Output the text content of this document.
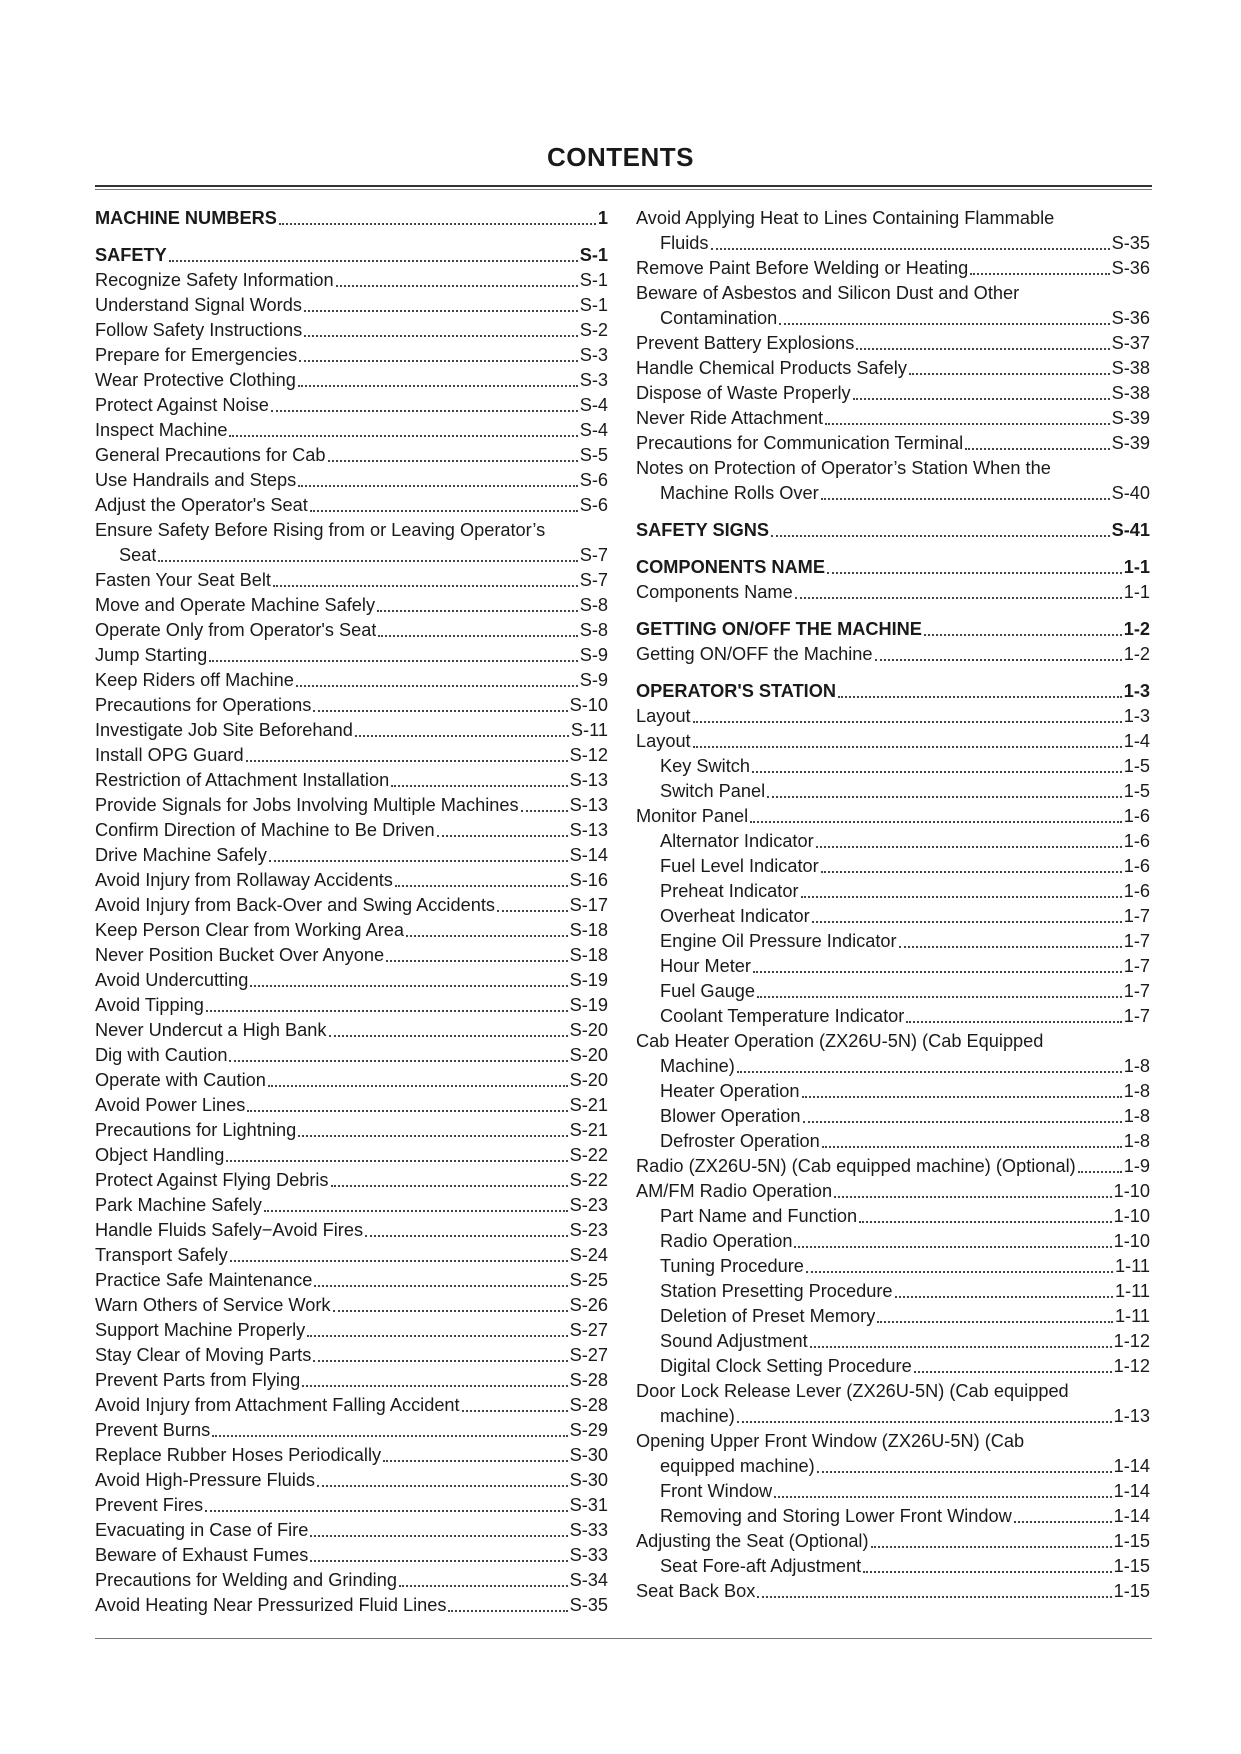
CONTENTS
MACHINE NUMBERS	1
SAFETY	S-1
Recognize Safety Information	S-1
Understand Signal Words	S-1
Follow Safety Instructions	S-2
Prepare for Emergencies	S-3
Wear Protective Clothing	S-3
Protect Against Noise	S-4
Inspect Machine	S-4
General Precautions for Cab	S-5
Use Handrails and Steps	S-6
Adjust the Operator's Seat	S-6
Ensure Safety Before Rising from or Leaving Operator’s
Seat	S-7
Fasten Your Seat Belt	S-7
Move and Operate Machine Safely	S-8
Operate Only from Operator's Seat	S-8
Jump Starting	S-9
Keep Riders off Machine	S-9
Precautions for Operations	S-10
Investigate Job Site Beforehand	S-11
Install OPG Guard	S-12
Restriction of Attachment Installation	S-13
Provide Signals for Jobs Involving Multiple Machines	S-13
Confirm Direction of Machine to Be Driven	S-13
Drive Machine Safely	S-14
Avoid Injury from Rollaway Accidents	S-16
Avoid Injury from Back-Over and Swing Accidents	S-17
Keep Person Clear from Working Area	S-18
Never Position Bucket Over Anyone	S-18
Avoid Undercutting	S-19
Avoid Tipping	S-19
Never Undercut a High Bank	S-20
Dig with Caution	S-20
Operate with Caution	S-20
Avoid Power Lines	S-21
Precautions for Lightning	S-21
Object Handling	S-22
Protect Against Flying Debris	S-22
Park Machine Safely	S-23
Handle Fluids Safely−Avoid Fires	S-23
Transport Safely	S-24
Practice Safe Maintenance	S-25
Warn Others of Service Work	S-26
Support Machine Properly	S-27
Stay Clear of Moving Parts	S-27
Prevent Parts from Flying	S-28
Avoid Injury from Attachment Falling Accident	S-28
Prevent Burns	S-29
Replace Rubber Hoses Periodically	S-30
Avoid High-Pressure Fluids	S-30
Prevent Fires	S-31
Evacuating in Case of Fire	S-33
Beware of Exhaust Fumes	S-33
Precautions for Welding and Grinding	S-34
Avoid Heating Near Pressurized Fluid Lines	S-35
Avoid Applying Heat to Lines Containing Flammable
Fluids	S-35
Remove Paint Before Welding or Heating	S-36
Beware of Asbestos and Silicon Dust and Other
Contamination	S-36
Prevent Battery Explosions	S-37
Handle Chemical Products Safely	S-38
Dispose of Waste Properly	S-38
Never Ride Attachment	S-39
Precautions for Communication Terminal	S-39
Notes on Protection of Operator’s Station When the
Machine Rolls Over	S-40
SAFETY SIGNS	S-41
COMPONENTS NAME	1-1
Components Name	1-1
GETTING ON/OFF THE MACHINE	1-2
Getting ON/OFF the Machine	1-2
OPERATOR'S STATION	1-3
Layout	1-3
Layout	1-4
Key Switch	1-5
Switch Panel	1-5
Monitor Panel	1-6
Alternator Indicator	1-6
Fuel Level Indicator	1-6
Preheat Indicator	1-6
Overheat Indicator	1-7
Engine Oil Pressure Indicator	1-7
Hour Meter	1-7
Fuel Gauge	1-7
Coolant Temperature Indicator	1-7
Cab Heater Operation (ZX26U-5N) (Cab Equipped
Machine)	1-8
Heater Operation	1-8
Blower Operation	1-8
Defroster Operation	1-8
Radio (ZX26U-5N) (Cab equipped machine) (Optional)	1-9
AM/FM Radio Operation	1-10
Part Name and Function	1-10
Radio Operation	1-10
Tuning Procedure	1-11
Station Presetting Procedure	1-11
Deletion of Preset Memory	1-11
Sound Adjustment	1-12
Digital Clock Setting Procedure	1-12
Door Lock Release Lever (ZX26U-5N) (Cab equipped
machine)	1-13
Opening Upper Front Window (ZX26U-5N) (Cab
equipped machine)	1-14
Front Window	1-14
Removing and Storing Lower Front Window	1-14
Adjusting the Seat (Optional)	1-15
Seat Fore-aft Adjustment	1-15
Seat Back Box	1-15
